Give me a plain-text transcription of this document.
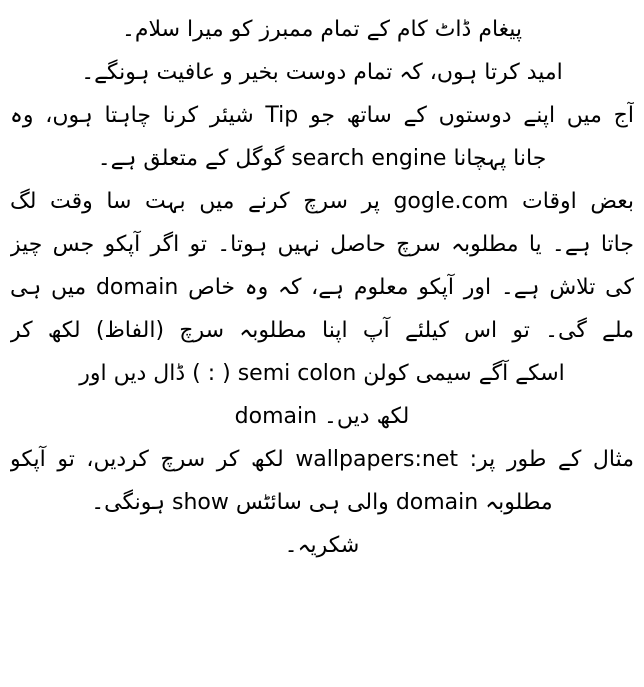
پیغام ڈاٹ کام کے تمام ممبرز کو میرا سلام۔
امید کرتا ہوں، کہ تمام دوست بخیر و عافیت ہونگے۔
آج میں اپنے دوستوں کے ساتھ جو Tip شیئر کرنا چاہتا ہوں، وہ
جانا پہچانا search engine گوگل کے متعلق ہے۔
بعض اوقات gogle.com پر سرچ کرنے میں بہت سا وقت لگ
جاتا ہے۔ یا مطلوبہ سرچ حاصل نہیں ہوتا۔ تو اگر آپکو جس چیز
کی تلاش ہے۔ اور آپکو معلوم ہے، کہ وہ خاص domain میں ہی
ملے گی۔ تو اس کیلئے آپ اپنا مطلوبہ سرچ (الفاظ) لکھ کر
اسکے آگے سیمی کولن semi colon ( : ) ڈال دیں اور
domain لکھ دیں۔
مثال کے طور پر: wallpapers:net لکھ کر سرچ کردیں، تو آپکو
مطلوبہ domain والی ہی سائٹس show ہونگی۔
شکریہ۔
